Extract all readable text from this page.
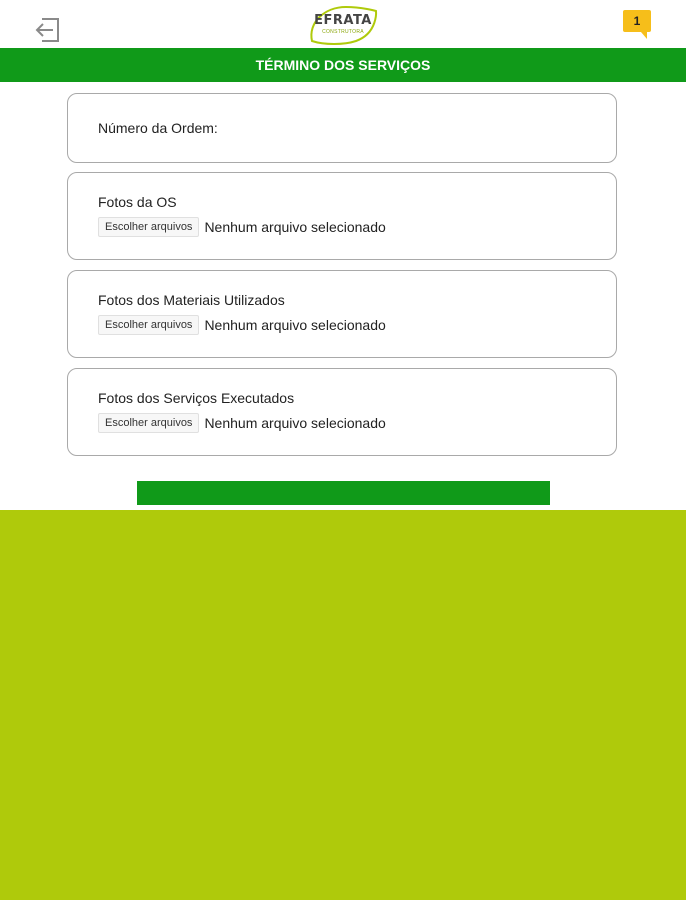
EFRATA
CONSTRUTORA
1
TÉRMINO DOS SERVIÇOS
Número da Ordem:
Fotos da OS
Escolher arquivos Nenhum arquivo selecionado
Fotos dos Materiais Utilizados
Escolher arquivos Nenhum arquivo selecionado
Fotos dos Serviços Executados
Escolher arquivos Nenhum arquivo selecionado
